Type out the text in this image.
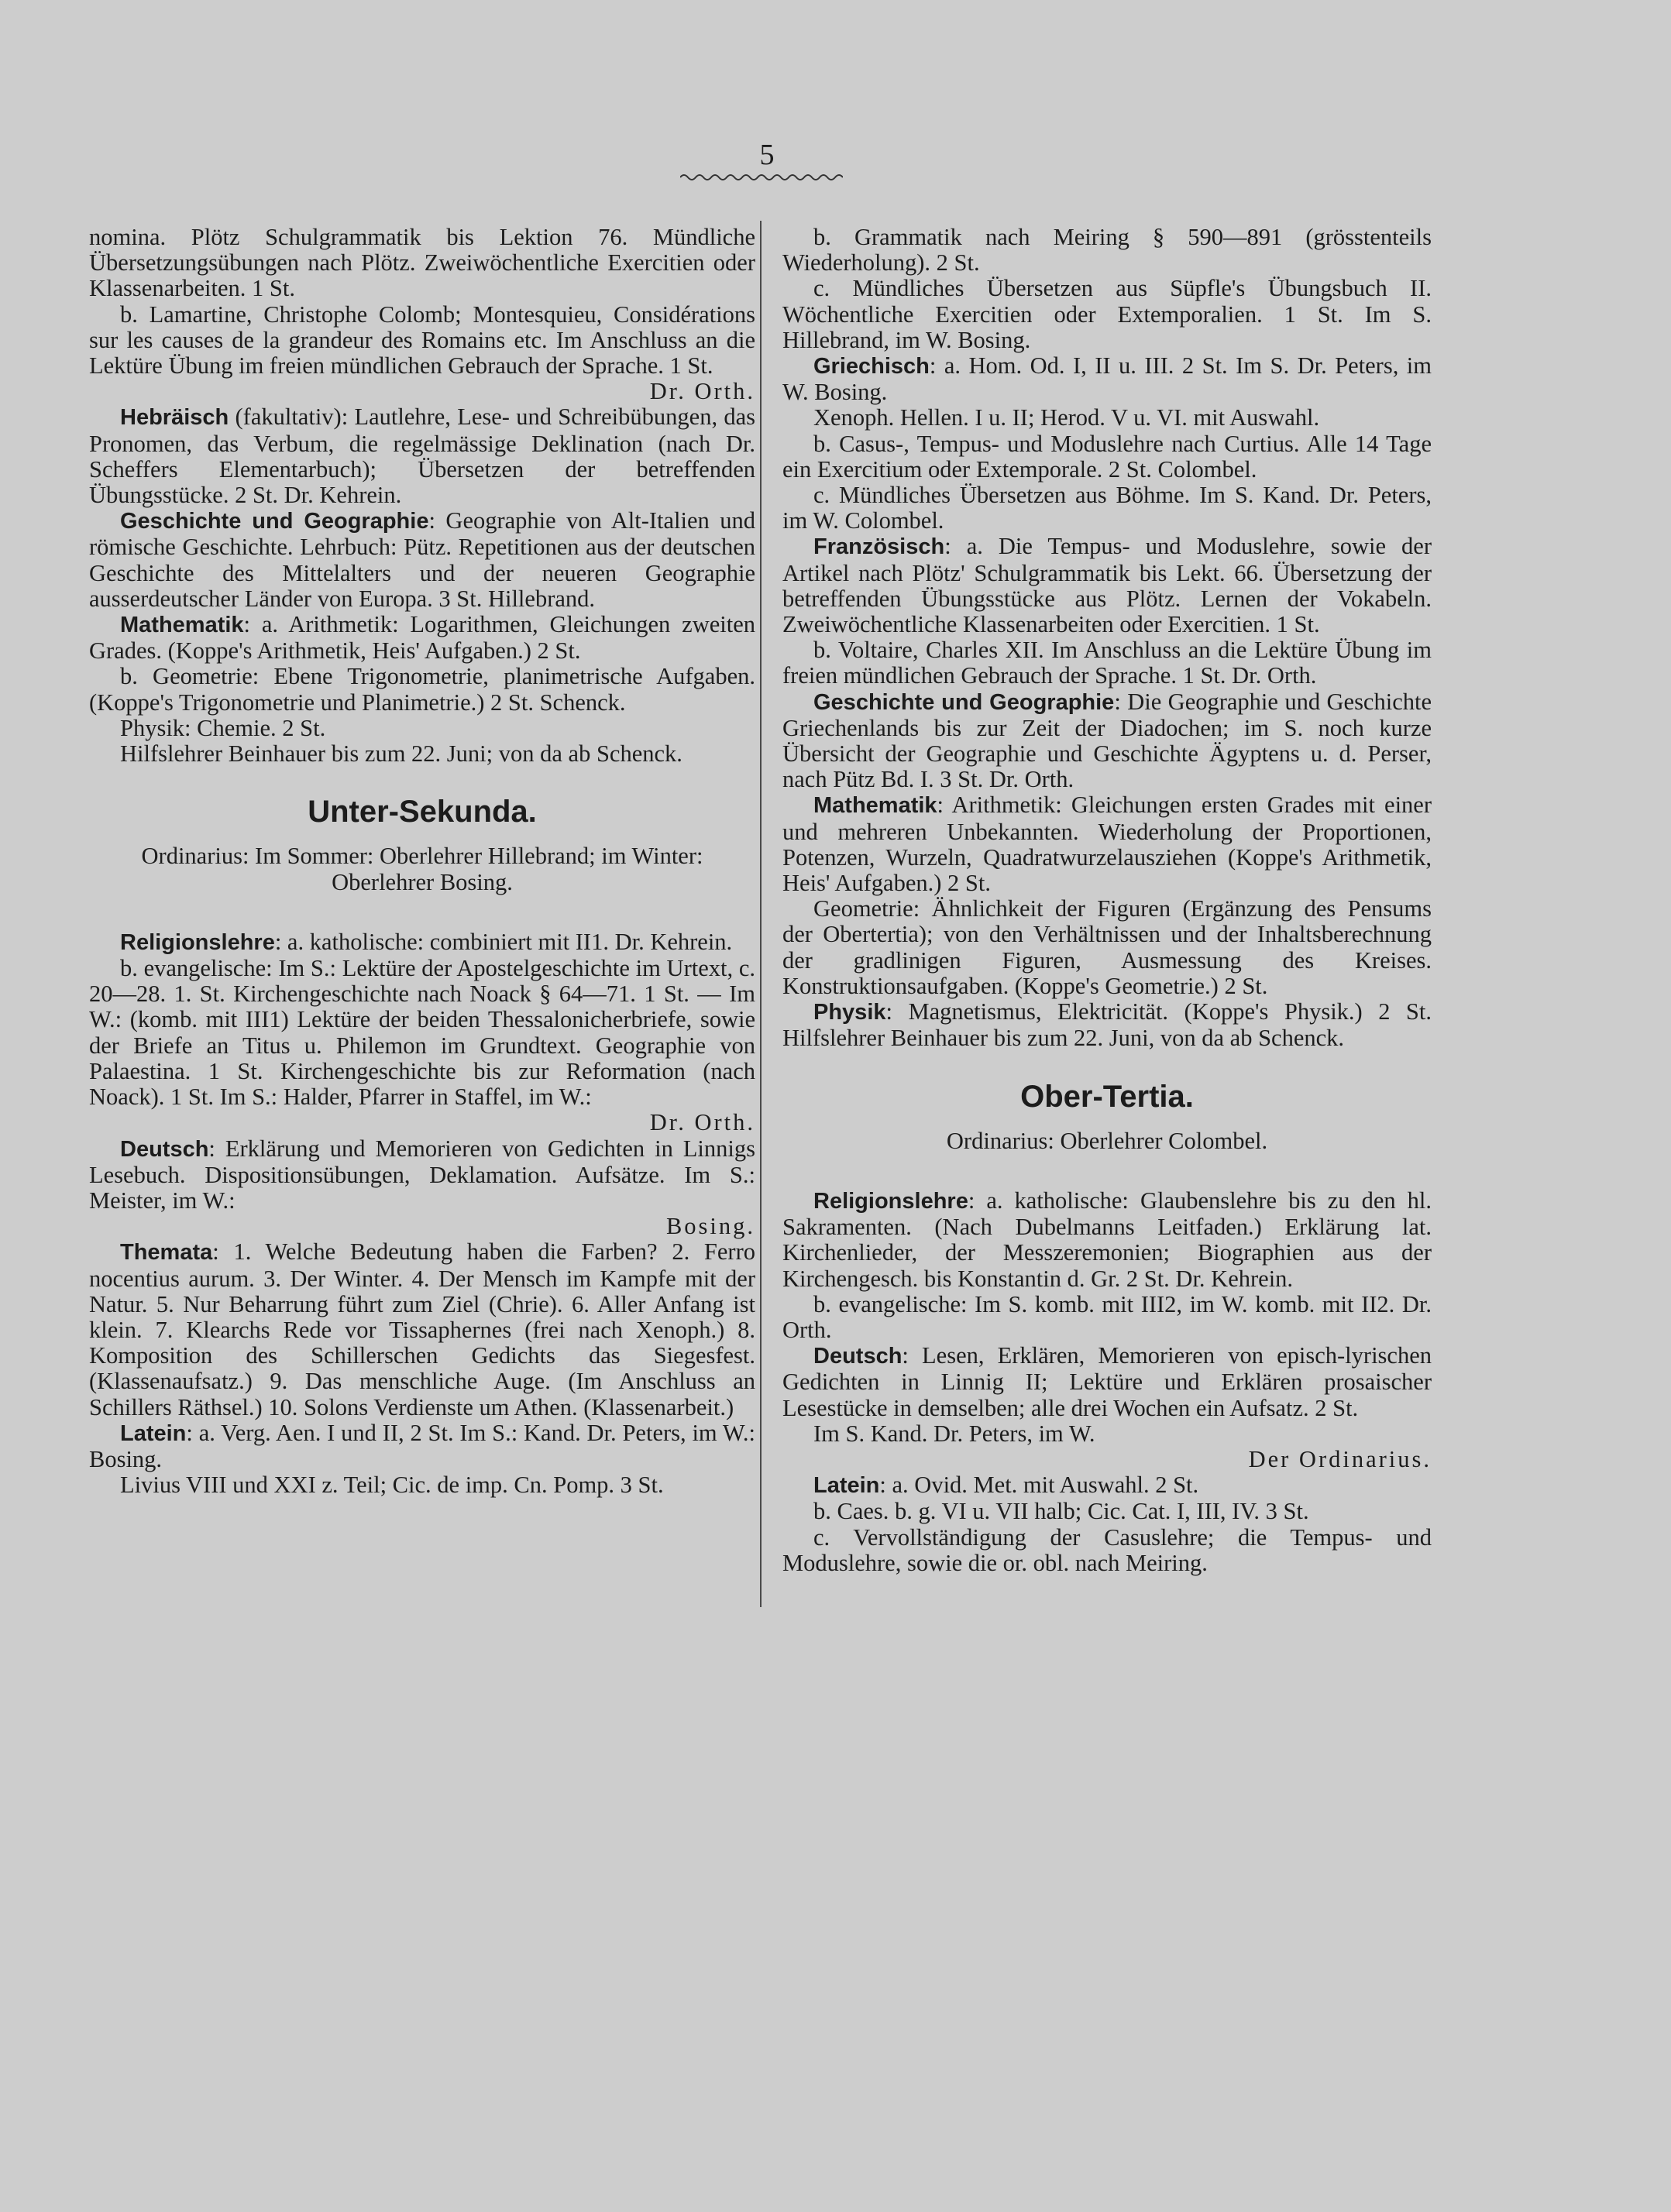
5

nomina. Plötz Schulgrammatik bis Lektion 76. Mündliche Übersetzungsübungen nach Plötz. Zweiwöchentliche Exercitien oder Klassenarbeiten. 1 St.

b. Lamartine, Christophe Colomb; Montesquieu, Considérations sur les causes de la grandeur des Romains etc. Im Anschluss an die Lektüre Übung im freien mündlichen Gebrauch der Sprache. 1 St.

Dr. Orth.

Hebräisch (fakultativ): Lautlehre, Lese- und Schreibübungen, das Pronomen, das Verbum, die regelmässige Deklination (nach Dr. Scheffers Elementarbuch); Übersetzen der betreffenden Übungsstücke. 2 St. Dr. Kehrein.

Geschichte und Geographie: Geographie von Alt-Italien und römische Geschichte. Lehrbuch: Pütz. Repetitionen aus der deutschen Geschichte des Mittelalters und der neueren Geographie ausserdeutscher Länder von Europa. 3 St. Hillebrand.

Mathematik: a. Arithmetik: Logarithmen, Gleichungen zweiten Grades. (Koppe's Arithmetik, Heis' Aufgaben.) 2 St.

b. Geometrie: Ebene Trigonometrie, planimetrische Aufgaben. (Koppe's Trigonometrie und Planimetrie.) 2 St. Schenck.

Physik: Chemie. 2 St.

Hilfslehrer Beinhauer bis zum 22. Juni; von da ab Schenck.

Unter-Sekunda.

Ordinarius: Im Sommer: Oberlehrer Hillebrand; im Winter: Oberlehrer Bosing.

Religionslehre: a. katholische: combiniert mit II1. Dr. Kehrein.

b. evangelische: Im S.: Lektüre der Apostelgeschichte im Urtext, c. 20—28. 1. St. Kirchengeschichte nach Noack § 64—71. 1 St. — Im W.: (komb. mit III1) Lektüre der beiden Thessalonicherbriefe, sowie der Briefe an Titus u. Philemon im Grundtext. Geographie von Palaestina. 1 St. Kirchengeschichte bis zur Reformation (nach Noack). 1 St. Im S.: Halder, Pfarrer in Staffel, im W.:

Dr. Orth.

Deutsch: Erklärung und Memorieren von Gedichten in Linnigs Lesebuch. Dispositionsübungen, Deklamation. Aufsätze. Im S.: Meister, im W.:

Bosing.

Themata: 1. Welche Bedeutung haben die Farben? 2. Ferro nocentius aurum. 3. Der Winter. 4. Der Mensch im Kampfe mit der Natur. 5. Nur Beharrung führt zum Ziel (Chrie). 6. Aller Anfang ist klein. 7. Klearchs Rede vor Tissaphernes (frei nach Xenoph.) 8. Komposition des Schillerschen Gedichts das Siegesfest. (Klassenaufsatz.) 9. Das menschliche Auge. (Im Anschluss an Schillers Räthsel.) 10. Solons Verdienste um Athen. (Klassenarbeit.)

Latein: a. Verg. Aen. I und II, 2 St. Im S.: Kand. Dr. Peters, im W.: Bosing.

Livius VIII und XXI z. Teil; Cic. de imp. Cn. Pomp. 3 St.

b. Grammatik nach Meiring § 590—891 (grösstenteils Wiederholung). 2 St.

c. Mündliches Übersetzen aus Süpfle's Übungsbuch II. Wöchentliche Exercitien oder Extemporalien. 1 St. Im S. Hillebrand, im W. Bosing.

Griechisch: a. Hom. Od. I, II u. III. 2 St. Im S. Dr. Peters, im W. Bosing.

Xenoph. Hellen. I u. II; Herod. V u. VI. mit Auswahl.

b. Casus-, Tempus- und Moduslehre nach Curtius. Alle 14 Tage ein Exercitium oder Extemporale. 2 St. Colombel.

c. Mündliches Übersetzen aus Böhme. Im S. Kand. Dr. Peters, im W. Colombel.

Französisch: a. Die Tempus- und Moduslehre, sowie der Artikel nach Plötz' Schulgrammatik bis Lekt. 66. Übersetzung der betreffenden Übungsstücke aus Plötz. Lernen der Vokabeln. Zweiwöchentliche Klassenarbeiten oder Exercitien. 1 St.

b. Voltaire, Charles XII. Im Anschluss an die Lektüre Übung im freien mündlichen Gebrauch der Sprache. 1 St. Dr. Orth.

Geschichte und Geographie: Die Geographie und Geschichte Griechenlands bis zur Zeit der Diadochen; im S. noch kurze Übersicht der Geographie und Geschichte Ägyptens u. d. Perser, nach Pütz Bd. I. 3 St. Dr. Orth.

Mathematik: Arithmetik: Gleichungen ersten Grades mit einer und mehreren Unbekannten. Wiederholung der Proportionen, Potenzen, Wurzeln, Quadratwurzelausziehen (Koppe's Arithmetik, Heis' Aufgaben.) 2 St.

Geometrie: Ähnlichkeit der Figuren (Ergänzung des Pensums der Obertertia); von den Verhältnissen und der Inhaltsberechnung der gradlinigen Figuren, Ausmessung des Kreises. Konstruktionsaufgaben. (Koppe's Geometrie.) 2 St.

Physik: Magnetismus, Elektricität. (Koppe's Physik.) 2 St. Hilfslehrer Beinhauer bis zum 22. Juni, von da ab Schenck.

Ober-Tertia.

Ordinarius: Oberlehrer Colombel.

Religionslehre: a. katholische: Glaubenslehre bis zu den hl. Sakramenten. (Nach Dubelmanns Leitfaden.) Erklärung lat. Kirchenlieder, der Messzeremonien; Biographien aus der Kirchengesch. bis Konstantin d. Gr. 2 St. Dr. Kehrein.

b. evangelische: Im S. komb. mit III2, im W. komb. mit II2. Dr. Orth.

Deutsch: Lesen, Erklären, Memorieren von episch-lyrischen Gedichten in Linnig II; Lektüre und Erklären prosaischer Lesestücke in demselben; alle drei Wochen ein Aufsatz. 2 St.

Im S. Kand. Dr. Peters, im W.

Der Ordinarius.

Latein: a. Ovid. Met. mit Auswahl. 2 St.

b. Caes. b. g. VI u. VII halb; Cic. Cat. I, III, IV. 3 St.

c. Vervollständigung der Casuslehre; die Tempus- und Moduslehre, sowie die or. obl. nach Meiring.
